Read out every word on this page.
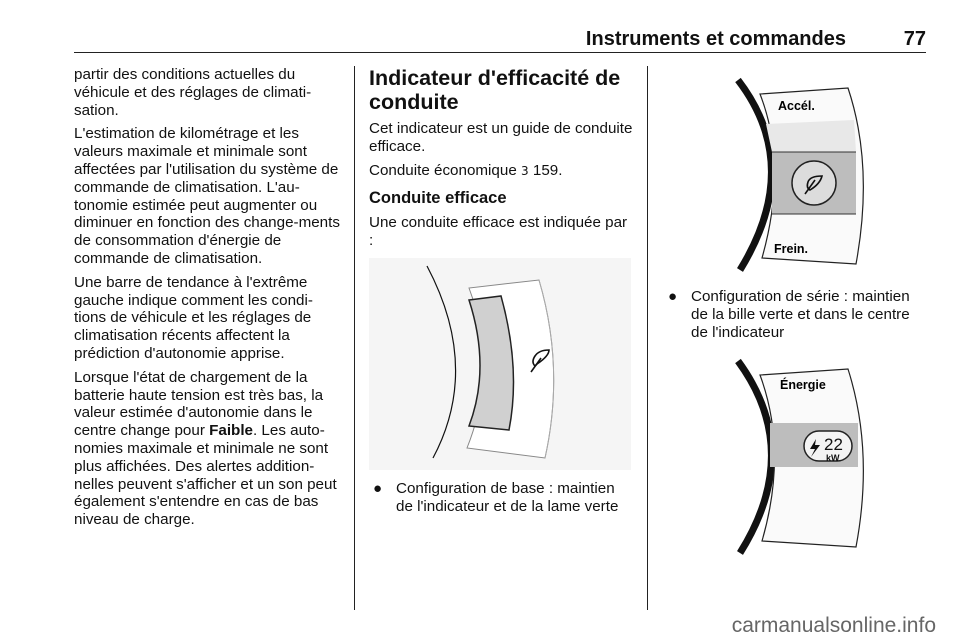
Instruments et commandes	77

partir des conditions actuelles du véhicule et des réglages de climati-sation.

L'estimation de kilométrage et les valeurs maximale et minimale sont affectées par l'utilisation du système de commande de climatisation. L'au-tonomie estimée peut augmenter ou diminuer en fonction des change-ments de consommation d'énergie de commande de climatisation.

Une barre de tendance à l'extrême gauche indique comment les condi-tions de véhicule et les réglages de climatisation récents affectent la prédiction d'autonomie apprise.

Lorsque l'état de chargement de la batterie haute tension est très bas, la valeur estimée d'autonomie dans le centre change pour Faible. Les auto-nomies maximale et minimale ne sont plus affichées. Des alertes addition-nelles peuvent s'afficher et un son peut également s'entendre en cas de bas niveau de charge.

Indicateur d'efficacité de conduite

Cet indicateur est un guide de conduite efficace.

Conduite économique 3 159.

Conduite efficace

Une conduite efficace est indiquée par :

● Configuration de base : maintien de l'indicateur et de la lame verte
Accél.
Frein.
● Configuration de série : maintien de la bille verte et dans le centre de l'indicateur
Énergie
22
kW
carmanualsonline.info
